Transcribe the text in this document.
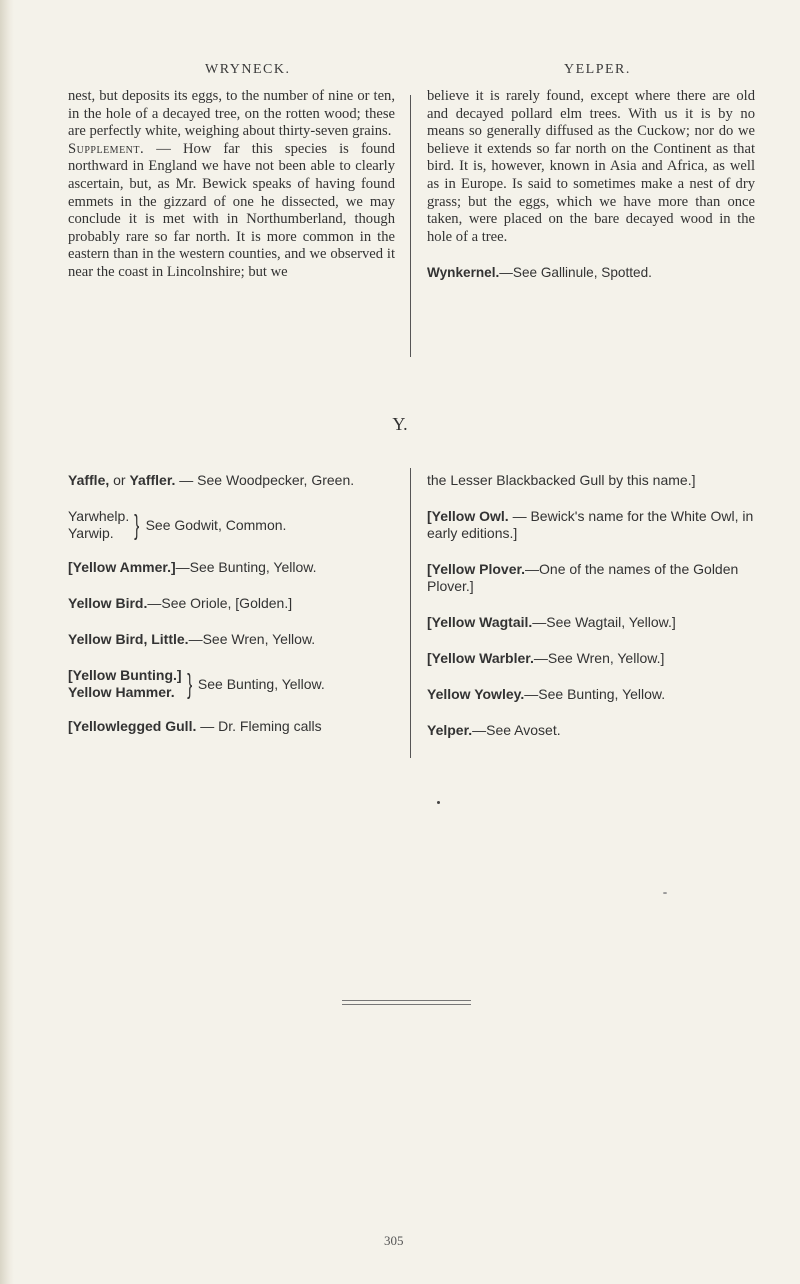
WRYNECK.	YELPER.

nest, but deposits its eggs, to the number of nine or ten, in the hole of a decayed tree, on the rotten wood; these are perfectly white, weighing about thirty-seven grains.

Supplement. — How far this species is found northward in England we have not been able to clearly ascertain, but, as Mr. Bewick speaks of having found emmets in the gizzard of one he dissected, we may conclude it is met with in Northumberland, though probably rare so far north. It is more common in the eastern than in the western counties, and we observed it near the coast in Lincolnshire; but we

believe it is rarely found, except where there are old and decayed pollard elm trees. With us it is by no means so generally diffused as the Cuckow; nor do we believe it extends so far north on the Continent as that bird. It is, however, known in Asia and Africa, as well as in Europe. Is said to sometimes make a nest of dry grass; but the eggs, which we have more than once taken, were placed on the bare decayed wood in the hole of a tree.

Wynkernel.—See Gallinule, Spotted.

Y.

Yaffle, or Yaffler. — See Woodpecker, Green.

Yarwhelp.
Yarwip. } See Godwit, Common.

[Yellow Ammer.]—See Bunting, Yellow.

Yellow Bird.—See Oriole, [Golden.]

Yellow Bird, Little.—See Wren, Yellow.

[Yellow Bunting.]
Yellow Hammer. } See Bunting, Yellow.

[Yellowlegged Gull. — Dr. Fleming calls

the Lesser Blackbacked Gull by this name.]

[Yellow Owl. — Bewick's name for the White Owl, in early editions.]

[Yellow Plover.—One of the names of the Golden Plover.]

[Yellow Wagtail.—See Wagtail, Yellow.]

[Yellow Warbler.—See Wren, Yellow.]

Yellow Yowley.—See Bunting, Yellow.

Yelper.—See Avoset.

305
